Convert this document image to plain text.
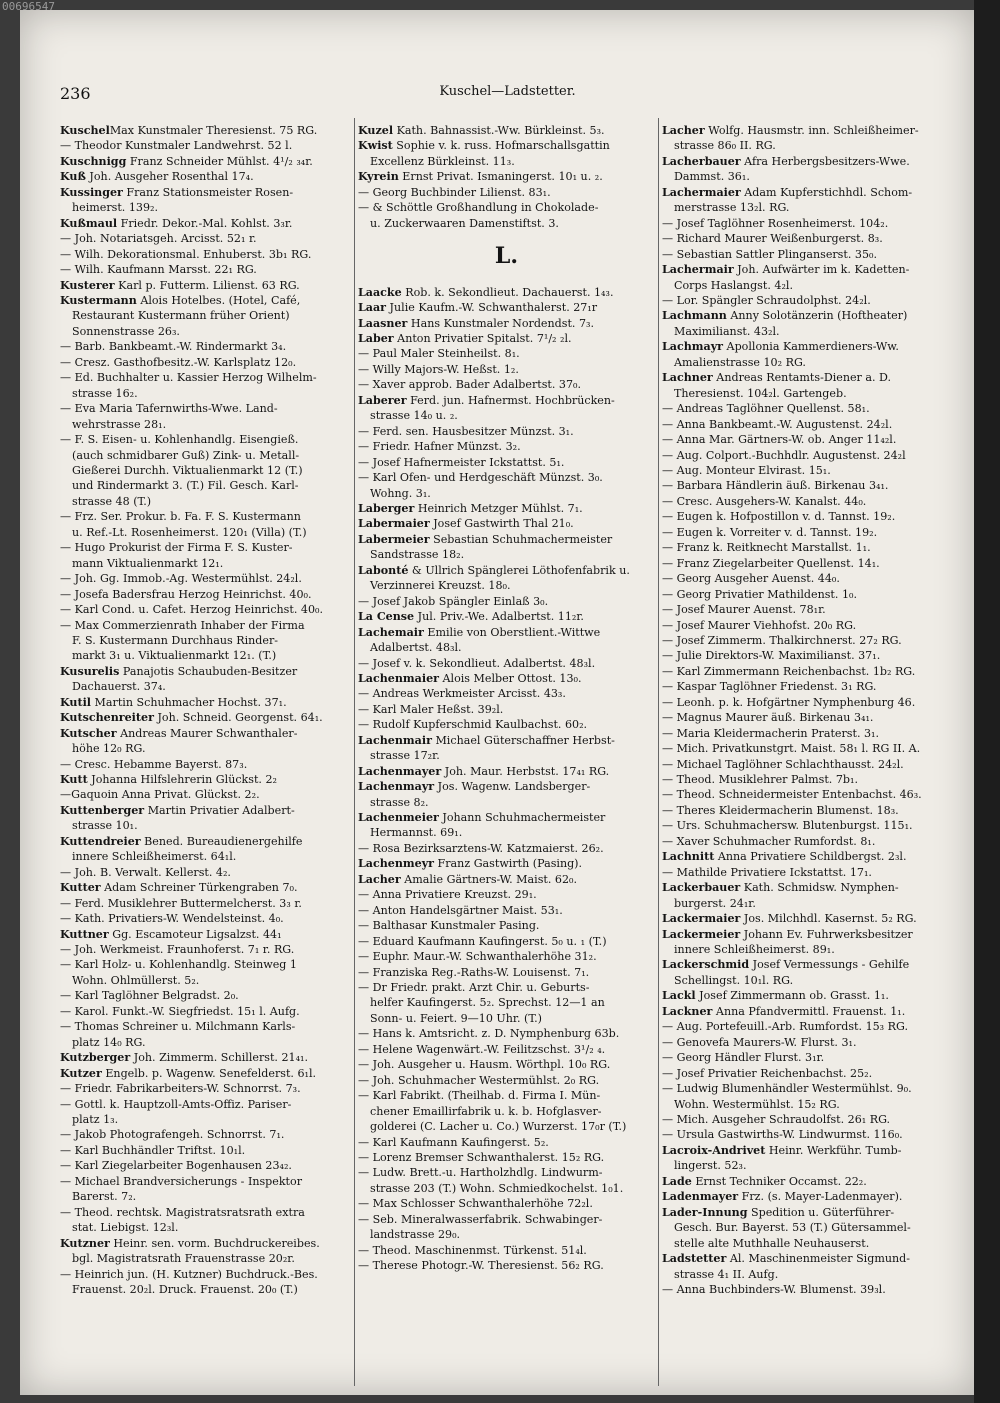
236	Kuschel—Ladstetter.
KuschelMax Kunstmaler Theresienst. 75 RG.
— Theodor Kunstmaler Landwehrst. 52 l.
Kuschnigg Franz Schneider Mühlst. 4¹/₂ ₃₄r.
Kuß Joh. Ausgeher Rosenthal 17₄.
Kussinger Franz Stationsmeister Rosen-
heimerst. 139₂.
Kußmaul Friedr. Dekor.-Mal. Kohlst. 3₃r.
— Joh. Notariatsgeh. Arcisst. 52₁ r.
— Wilh. Dekorationsmal. Enhuberst. 3b₁ RG.
— Wilh. Kaufmann Marsst. 22₁ RG.
Kusterer Karl p. Futterm. Lilienst. 63 RG.
Kustermann Alois Hotelbes. (Hotel, Café,
Restaurant Kustermann früher Orient)
Sonnenstrasse 26₃.
— Barb. Bankbeamt.-W. Rindermarkt 3₄.
— Cresz. Gasthofbesitz.-W. Karlsplatz 12₀.
— Ed. Buchhalter u. Kassier Herzog Wilhelm-
strasse 16₂.
— Eva Maria Tafernwirths-Wwe. Land-
wehrstrasse 28₁.
— F. S. Eisen- u. Kohlenhandlg. Eisengieß.
(auch schmidbarer Guß) Zink- u. Metall-
Gießerei Durchh. Viktualienmarkt 12 (T.)
und Rindermarkt 3. (T.) Fil. Gesch. Karl-
strasse 48 (T.)
— Frz. Ser. Prokur. b. Fa. F. S. Kustermann
u. Ref.-Lt. Rosenheimerst. 120₁ (Villa) (T.)
— Hugo Prokurist der Firma F. S. Kuster-
mann Viktualienmarkt 12₁.
— Joh. Gg. Immob.-Ag. Westermühlst. 24₂l.
— Josefa Badersfrau Herzog Heinrichst. 40₀.
— Karl Cond. u. Cafet. Herzog Heinrichst. 40₀.
— Max Commerzienrath Inhaber der Firma
F. S. Kustermann Durchhaus Rinder-
markt 3₁ u. Viktualienmarkt 12₁. (T.)
Kusurelis Panajotis Schaubuden-Besitzer
Dachauerst. 37₄.
Kutil Martin Schuhmacher Hochst. 37₁.
Kutschenreiter Joh. Schneid. Georgenst. 64₁.
Kutscher Andreas Maurer Schwanthaler-
höhe 12₀ RG.
— Cresc. Hebamme Bayerst. 87₃.
Kutt Johanna Hilfslehrerin Glückst. 2₂
—Gaquoin Anna Privat. Glückst. 2₂.
Kuttenberger Martin Privatier Adalbert-
strasse 10₁.
Kuttendreier Bened. Bureaudienergehilfe
innere Schleißheimerst. 64₁l.
— Joh. B. Verwalt. Kellerst. 4₂.
Kutter Adam Schreiner Türkengraben 7₀.
— Ferd. Musiklehrer Buttermelcherst. 3₃ r.
— Kath. Privatiers-W. Wendelsteinst. 4₀.
Kuttner Gg. Escamoteur Ligsalzst. 44₁
— Joh. Werkmeist. Fraunhoferst. 7₁ r. RG.
— Karl Holz- u. Kohlenhandlg. Steinweg 1
Wohn. Ohlmüllerst. 5₂.
— Karl Taglöhner Belgradst. 2₀.
— Karol. Funkt.-W. Siegfriedst. 15₁ l. Aufg.
— Thomas Schreiner u. Milchmann Karls-
platz 14₀ RG.
Kutzberger Joh. Zimmerm. Schillerst. 21₄₁.
Kutzer Engelb. p. Wagenw. Senefelderst. 6₁l.
— Friedr. Fabrikarbeiters-W. Schnorrst. 7₃.
— Gottl. k. Hauptzoll-Amts-Offiz. Pariser-
platz 1₃.
— Jakob Photografengeh. Schnorrst. 7₁.
— Karl Buchhändler Triftst. 10₁l.
— Karl Ziegelarbeiter Bogenhausen 23₄₂.
— Michael Brandversicherungs - Inspektor
Barerst. 7₂.
— Theod. rechtsk. Magistratsratsrath extra
stat. Liebigst. 12₃l.
Kutzner Heinr. sen. vorm. Buchdruckereibes.
bgl. Magistratsrath Frauenstrasse 20₂r.
— Heinrich jun. (H. Kutzner) Buchdruck.-Bes.
Frauenst. 20₂l. Druck. Frauenst. 20₀ (T.)
Kuzel Kath. Bahnassist.-Ww. Bürkleinst. 5₃.
Kwist Sophie v. k. russ. Hofmarschallsgattin
Excellenz Bürkleinst. 11₃.
Kyrein Ernst Privat. Ismaningerst. 10₁ u. ₂.
— Georg Buchbinder Lilienst. 83₁.
— & Schöttle Großhandlung in Chokolade-
u. Zuckerwaaren Damenstiftst. 3.
L.
Laacke Rob. k. Sekondlieut. Dachauerst. 1₄₃.
Laar Julie Kaufm.-W. Schwanthalerst. 27₁r
Laasner Hans Kunstmaler Nordendst. 7₃.
Laber Anton Privatier Spitalst. 7¹/₂ ₂l.
— Paul Maler Steinheilst. 8₁.
— Willy Majors-W. Heßst. 1₂.
— Xaver approb. Bader Adalbertst. 37₀.
Laberer Ferd. jun. Hafnermst. Hochbrücken-
strasse 14₀ u. ₂.
— Ferd. sen. Hausbesitzer Münzst. 3₁.
— Friedr. Hafner Münzst. 3₂.
— Josef Hafnermeister Ickstattst. 5₁.
— Karl Ofen- und Herdgeschäft Münzst. 3₀.
Wohng. 3₁.
Laberger Heinrich Metzger Mühlst. 7₁.
Labermaier Josef Gastwirth Thal 21₀.
Labermeier Sebastian Schuhmachermeister
Sandstrasse 18₂.
Labonté & Ullrich Spänglerei Löthofenfabrik u.
Verzinnerei Kreuzst. 18₀.
— Josef Jakob Spängler Einlaß 3₀.
La Cense Jul. Priv.-We. Adalbertst. 11₂r.
Lachemair Emilie von Oberstlient.-Wittwe
Adalbertst. 48₃l.
— Josef v. k. Sekondlieut. Adalbertst. 48₃l.
Lachenmaier Alois Melber Ottost. 13₀.
— Andreas Werkmeister Arcisst. 43₃.
— Karl Maler Heßst. 39₂l.
— Rudolf Kupferschmid Kaulbachst. 60₂.
Lachenmair Michael Güterschaffner Herbst-
strasse 17₂r.
Lachenmayer Joh. Maur. Herbstst. 17₄₁ RG.
Lachenmayr Jos. Wagenw. Landsberger-
strasse 8₂.
Lachenmeier Johann Schuhmachermeister
Hermannst. 69₁.
— Rosa Bezirksarztens-W. Katzmaierst. 26₂.
Lachenmeyr Franz Gastwirth (Pasing).
Lacher Amalie Gärtners-W. Maist. 62₀.
— Anna Privatiere Kreuzst. 29₁.
— Anton Handelsgärtner Maist. 53₁.
— Balthasar Kunstmaler Pasing.
— Eduard Kaufmann Kaufingerst. 5₀ u. ₁ (T.)
— Euphr. Maur.-W. Schwanthalerhöhe 31₂.
— Franziska Reg.-Raths-W. Louisenst. 7₁.
— Dr Friedr. prakt. Arzt Chir. u. Geburts-
helfer Kaufingerst. 5₂. Sprechst. 12—1 an
Sonn- u. Feiert. 9—10 Uhr. (T.)
— Hans k. Amtsricht. z. D. Nymphenburg 63b.
— Helene Wagenwärt.-W. Feilitzschst. 3¹/₂ ₄.
— Joh. Ausgeher u. Hausm. Wörthpl. 10₀ RG.
— Joh. Schuhmacher Westermühlst. 2₀ RG.
— Karl Fabrikt. (Theilhab. d. Firma I. Mün-
chener Emaillirfabrik u. k. b. Hofglasver-
golderei (C. Lacher u. Co.) Wurzerst. 17₀r (T.)
— Karl Kaufmann Kaufingerst. 5₂.
— Lorenz Bremser Schwanthalerst. 15₂ RG.
— Ludw. Brett.-u. Hartholzhdlg. Lindwurm-
strasse 203 (T.) Wohn. Schmiedkochelst. 1₀1.
— Max Schlosser Schwanthalerhöhe 72₂l.
— Seb. Mineralwasserfabrik. Schwabinger-
landstrasse 29₀.
— Theod. Maschinenmst. Türkenst. 51₄l.
— Therese Photogr.-W. Theresienst. 56₂ RG.
Lacher Wolfg. Hausmstr. inn. Schleißheimer-
strasse 86₀ II. RG.
Lacherbauer Afra Herbergsbesitzers-Wwe.
Dammst. 36₁.
Lachermaier Adam Kupferstichhdl. Schom-
merstrasse 13₂l. RG.
— Josef Taglöhner Rosenheimerst. 104₂.
— Richard Maurer Weißenburgerst. 8₃.
— Sebastian Sattler Plinganserst. 35₀.
Lachermair Joh. Aufwärter im k. Kadetten-
Corps Haslangst. 4₂l.
— Lor. Spängler Schraudolphst. 24₂l.
Lachmann Anny Solotänzerin (Hoftheater)
Maximilianst. 43₂l.
Lachmayr Apollonia Kammerdieners-Ww.
Amalienstrasse 10₂ RG.
Lachner Andreas Rentamts-Diener a. D.
Theresienst. 104₂l. Gartengeb.
— Andreas Taglöhner Quellenst. 58₁.
— Anna Bankbeamt.-W. Augustenst. 24₂l.
— Anna Mar. Gärtners-W. ob. Anger 11₄₂l.
— Aug. Colport.-Buchhdlr. Augustenst. 24₂l
— Aug. Monteur Elvirast. 15₁.
— Barbara Händlerin äuß. Birkenau 3₄₁.
— Cresc. Ausgehers-W. Kanalst. 44₀.
— Eugen k. Hofpostillon v. d. Tannst. 19₂.
— Eugen k. Vorreiter v. d. Tannst. 19₂.
— Franz k. Reitknecht Marstallst. 1₁.
— Franz Ziegelarbeiter Quellenst. 14₁.
— Georg Ausgeher Auenst. 44₀.
— Georg Privatier Mathildenst. 1₀.
— Josef Maurer Auenst. 78₁r.
— Josef Maurer Viehhofst. 20₀ RG.
— Josef Zimmerm. Thalkirchnerst. 27₂ RG.
— Julie Direktors-W. Maximilianst. 37₁.
— Karl Zimmermann Reichenbachst. 1b₂ RG.
— Kaspar Taglöhner Friedenst. 3₁ RG.
— Leonh. p. k. Hofgärtner Nymphenburg 46.
— Magnus Maurer äuß. Birkenau 3₄₁.
— Maria Kleidermacherin Praterst. 3₁.
— Mich. Privatkunstgrt. Maist. 58₁ l. RG II. A.
— Michael Taglöhner Schlachthausst. 24₂l.
— Theod. Musiklehrer Palmst. 7b₁.
— Theod. Schneidermeister Entenbachst. 46₃.
— Theres Kleidermacherin Blumenst. 18₃.
— Urs. Schuhmachersw. Blutenburgst. 115₁.
— Xaver Schuhmacher Rumfordst. 8₁.
Lachnitt Anna Privatiere Schildbergst. 2₃l.
— Mathilde Privatiere Ickstattst. 17₁.
Lackerbauer Kath. Schmidsw. Nymphen-
burgerst. 24₁r.
Lackermaier Jos. Milchhdl. Kasernst. 5₂ RG.
Lackermeier Johann Ev. Fuhrwerksbesitzer
innere Schleißheimerst. 89₁.
Lackerschmid Josef Vermessungs - Gehilfe
Schellingst. 10₁l. RG.
Lackl Josef Zimmermann ob. Grasst. 1₁.
Lackner Anna Pfandvermittl. Frauenst. 1₁.
— Aug. Portefeuill.-Arb. Rumfordst. 15₃ RG.
— Genovefa Maurers-W. Flurst. 3₁.
— Georg Händler Flurst. 3₁r.
— Josef Privatier Reichenbachst. 25₂.
— Ludwig Blumenhändler Westermühlst. 9₀.
Wohn. Westermühlst. 15₂ RG.
— Mich. Ausgeher Schraudolfst. 26₁ RG.
— Ursula Gastwirths-W. Lindwurmst. 116₀.
Lacroix-Andrivet Heinr. Werkführ. Tumb-
lingerst. 52₃.
Lade Ernst Techniker Occamst. 22₂.
Ladenmayer Frz. (s. Mayer-Ladenmayer).
Lader-Innung Spedition u. Güterführer-
Gesch. Bur. Bayerst. 53 (T.) Gütersammel-
stelle alte Muthhalle Neuhauserst.
Ladstetter Al. Maschinenmeister Sigmund-
strasse 4₁ II. Aufg.
— Anna Buchbinders-W. Blumenst. 39₃l.
00696547
